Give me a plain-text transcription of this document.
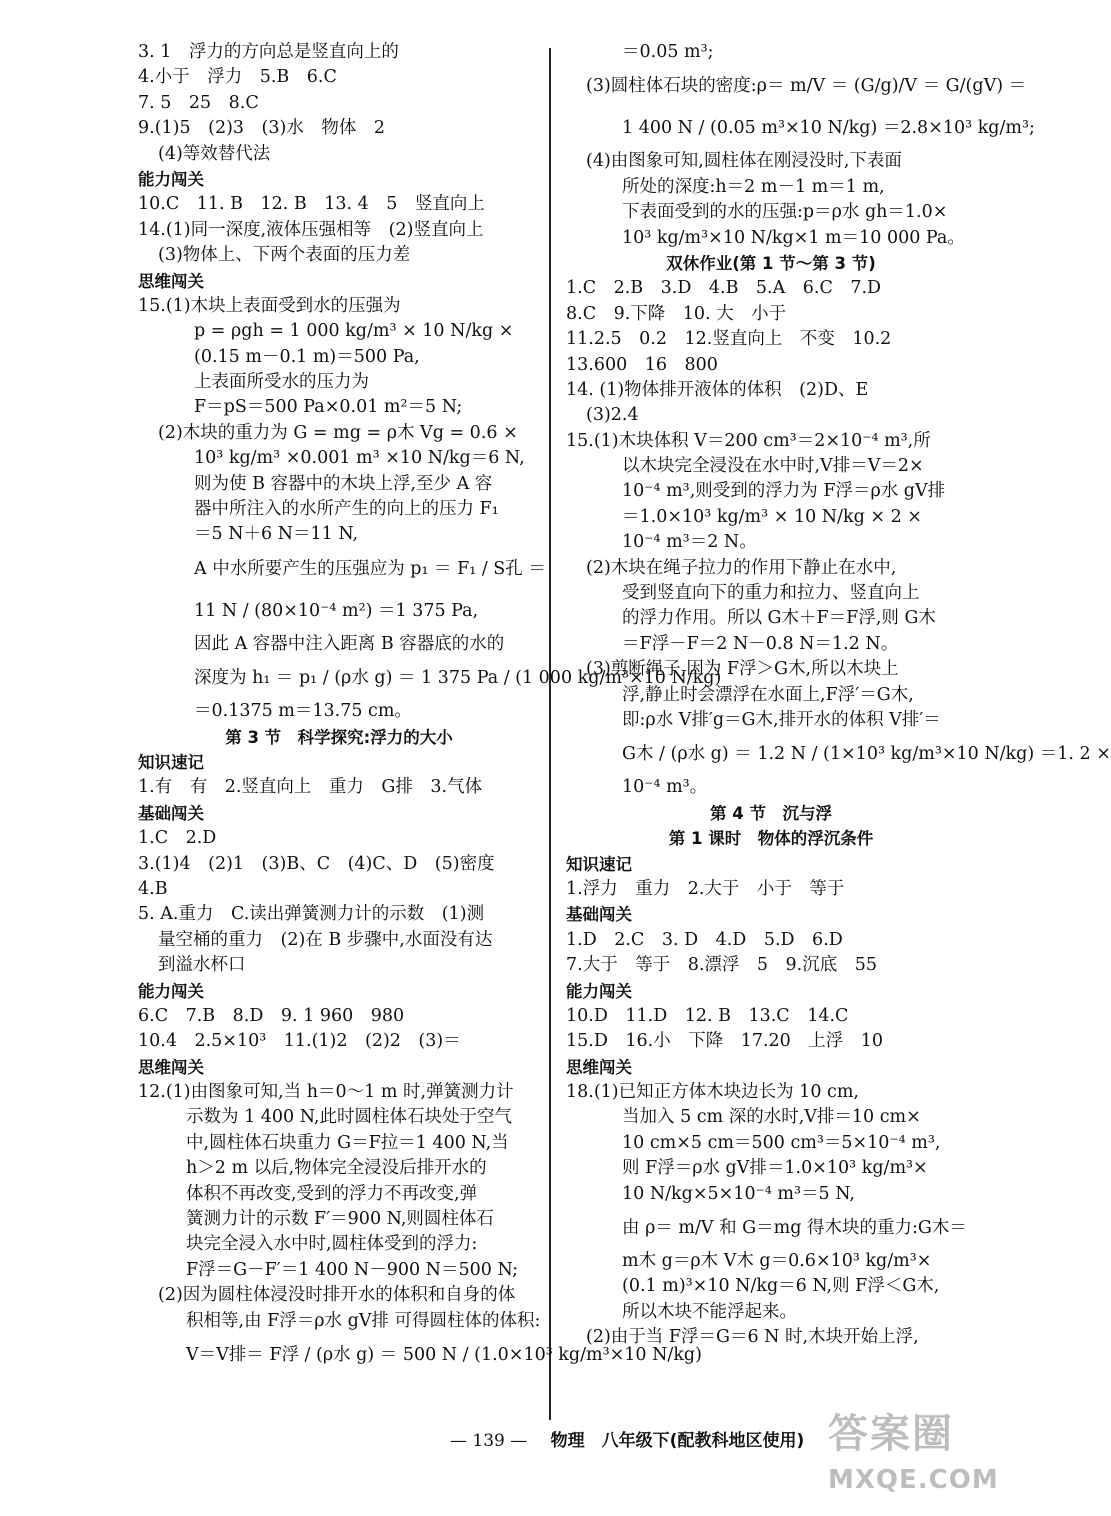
3. 1　浮力的方向总是竖直向上的
4.小于　浮力　5.B　6.C
7. 5　25　8.C
9.(1)5　(2)3　(3)水　物体　2
(4)等效替代法
能力闯关
10.C　11. B　12. B　13. 4　5　竖直向上
14.(1)同一深度,液体压强相等　(2)竖直向上
(3)物体上、下两个表面的压力差
思维闯关
15.(1)木块上表面受到水的压强为
p = ρgh = 1 000 kg/m³ × 10 N/kg ×
(0.15 m－0.1 m)＝500 Pa,
上表面所受水的压力为
F＝pS＝500 Pa×0.01 m²＝5 N;
(2)木块的重力为 G = mg = ρ木 Vg = 0.6 ×
10³ kg/m³ ×0.001 m³ ×10 N/kg＝6 N,
则为使 B 容器中的木块上浮,至少 A 容
器中所注入的水所产生的向上的压力 F₁
＝5 N＋6 N＝11 N,
A 中水所要产生的压强应为 p₁ ＝ F₁ / S孔 ＝
11 N / (80×10⁻⁴ m²) ＝1 375 Pa,
因此 A 容器中注入距离 B 容器底的水的
深度为 h₁ ＝ p₁ / (ρ水 g) ＝ 1 375 Pa / (1 000 kg/m³×10 N/kg)
＝0.1375 m＝13.75 cm。
第 3 节　科学探究:浮力的大小
知识速记
1.有　有　2.竖直向上　重力　G排　3.气体
基础闯关
1.C　2.D
3.(1)4　(2)1　(3)B、C　(4)C、D　(5)密度
4.B
5. A.重力　C.读出弹簧测力计的示数　(1)测
量空桶的重力　(2)在 B 步骤中,水面没有达
到溢水杯口
能力闯关
6.C　7.B　8.D　9. 1 960　980
10.4　2.5×10³　11.(1)2　(2)2　(3)＝
思维闯关
12.(1)由图象可知,当 h＝0～1 m 时,弹簧测力计
示数为 1 400 N,此时圆柱体石块处于空气
中,圆柱体石块重力 G＝F拉＝1 400 N,当
h＞2 m 以后,物体完全浸没后排开水的
体积不再改变,受到的浮力不再改变,弹
簧测力计的示数 F′＝900 N,则圆柱体石
块完全浸入水中时,圆柱体受到的浮力:
F浮＝G－F′＝1 400 N－900 N＝500 N;
(2)因为圆柱体浸没时排开水的体积和自身的体
积相等,由 F浮＝ρ水 gV排 可得圆柱体的体积:
V＝V排＝ F浮 / (ρ水 g) ＝ 500 N / (1.0×10³ kg/m³×10 N/kg)
＝0.05 m³;
(3)圆柱体石块的密度:ρ＝ m/V ＝ (G/g)/V ＝ G/(gV) ＝
1 400 N / (0.05 m³×10 N/kg) ＝2.8×10³ kg/m³;
(4)由图象可知,圆柱体在刚浸没时,下表面
所处的深度:h＝2 m－1 m＝1 m,
下表面受到的水的压强:p＝ρ水 gh＝1.0×
10³ kg/m³×10 N/kg×1 m＝10 000 Pa。
双休作业(第 1 节～第 3 节)
1.C　2.B　3.D　4.B　5.A　6.C　7.D
8.C　9.下降　10. 大　小于
11.2.5　0.2　12.竖直向上　不变　10.2
13.600　16　800
14. (1)物体排开液体的体积　(2)D、E
(3)2.4
15.(1)木块体积 V＝200 cm³＝2×10⁻⁴ m³,所
以木块完全浸没在水中时,V排＝V＝2×
10⁻⁴ m³,则受到的浮力为 F浮＝ρ水 gV排
＝1.0×10³ kg/m³ × 10 N/kg × 2 ×
10⁻⁴ m³＝2 N。
(2)木块在绳子拉力的作用下静止在水中,
受到竖直向下的重力和拉力、竖直向上
的浮力作用。所以 G木＋F＝F浮,则 G木
＝F浮－F＝2 N－0.8 N＝1.2 N。
(3)剪断绳子,因为 F浮＞G木,所以木块上
浮,静止时会漂浮在水面上,F浮′＝G木,
即:ρ水 V排′g＝G木,排开水的体积 V排′＝
G木 / (ρ水 g) ＝ 1.2 N / (1×10³ kg/m³×10 N/kg) ＝1. 2 ×
10⁻⁴ m³。
第 4 节　沉与浮
第 1 课时　物体的浮沉条件
知识速记
1.浮力　重力　2.大于　小于　等于
基础闯关
1.D　2.C　3. D　4.D　5.D　6.D
7.大于　等于　8.漂浮　5　9.沉底　55
能力闯关
10.D　11.D　12. B　13.C　14.C
15.D　16.小　下降　17.20　上浮　10
思维闯关
18.(1)已知正方体木块边长为 10 cm,
当加入 5 cm 深的水时,V排＝10 cm×
10 cm×5 cm＝500 cm³＝5×10⁻⁴ m³,
则 F浮＝ρ水 gV排＝1.0×10³ kg/m³×
10 N/kg×5×10⁻⁴ m³＝5 N,
由 ρ＝ m/V 和 G＝mg 得木块的重力:G木＝
m木 g＝ρ木 V木 g＝0.6×10³ kg/m³×
(0.1 m)³×10 N/kg＝6 N,则 F浮＜G木,
所以木块不能浮起来。
(2)由于当 F浮＝G＝6 N 时,木块开始上浮,
— 139 — 物理　八年级下(配教科地区使用) 答案圈
MXQE.COM
